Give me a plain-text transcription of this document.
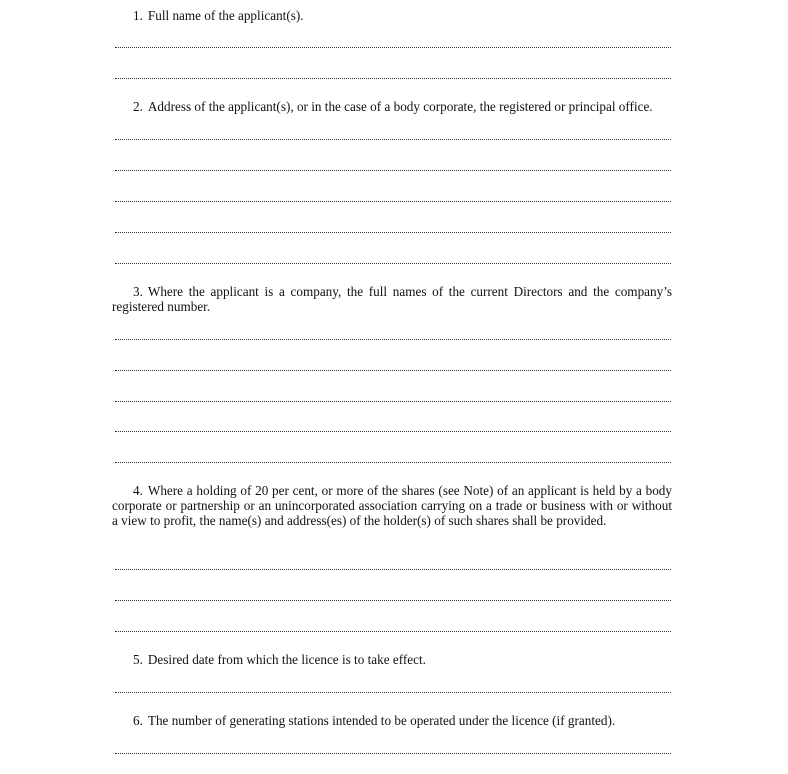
1. Full name of the applicant(s).

2. Address of the applicant(s), or in the case of a body corporate, the registered or principal office.

3. Where the applicant is a company, the full names of the current Directors and the company’s registered number.

4. Where a holding of 20 per cent, or more of the shares (see Note) of an applicant is held by a body corporate or partnership or an unincorporated association carrying on a trade or business with or without a view to profit, the name(s) and address(es) of the holder(s) of such shares shall be provided.

5. Desired date from which the licence is to take effect.

6. The number of generating stations intended to be operated under the licence (if granted).
